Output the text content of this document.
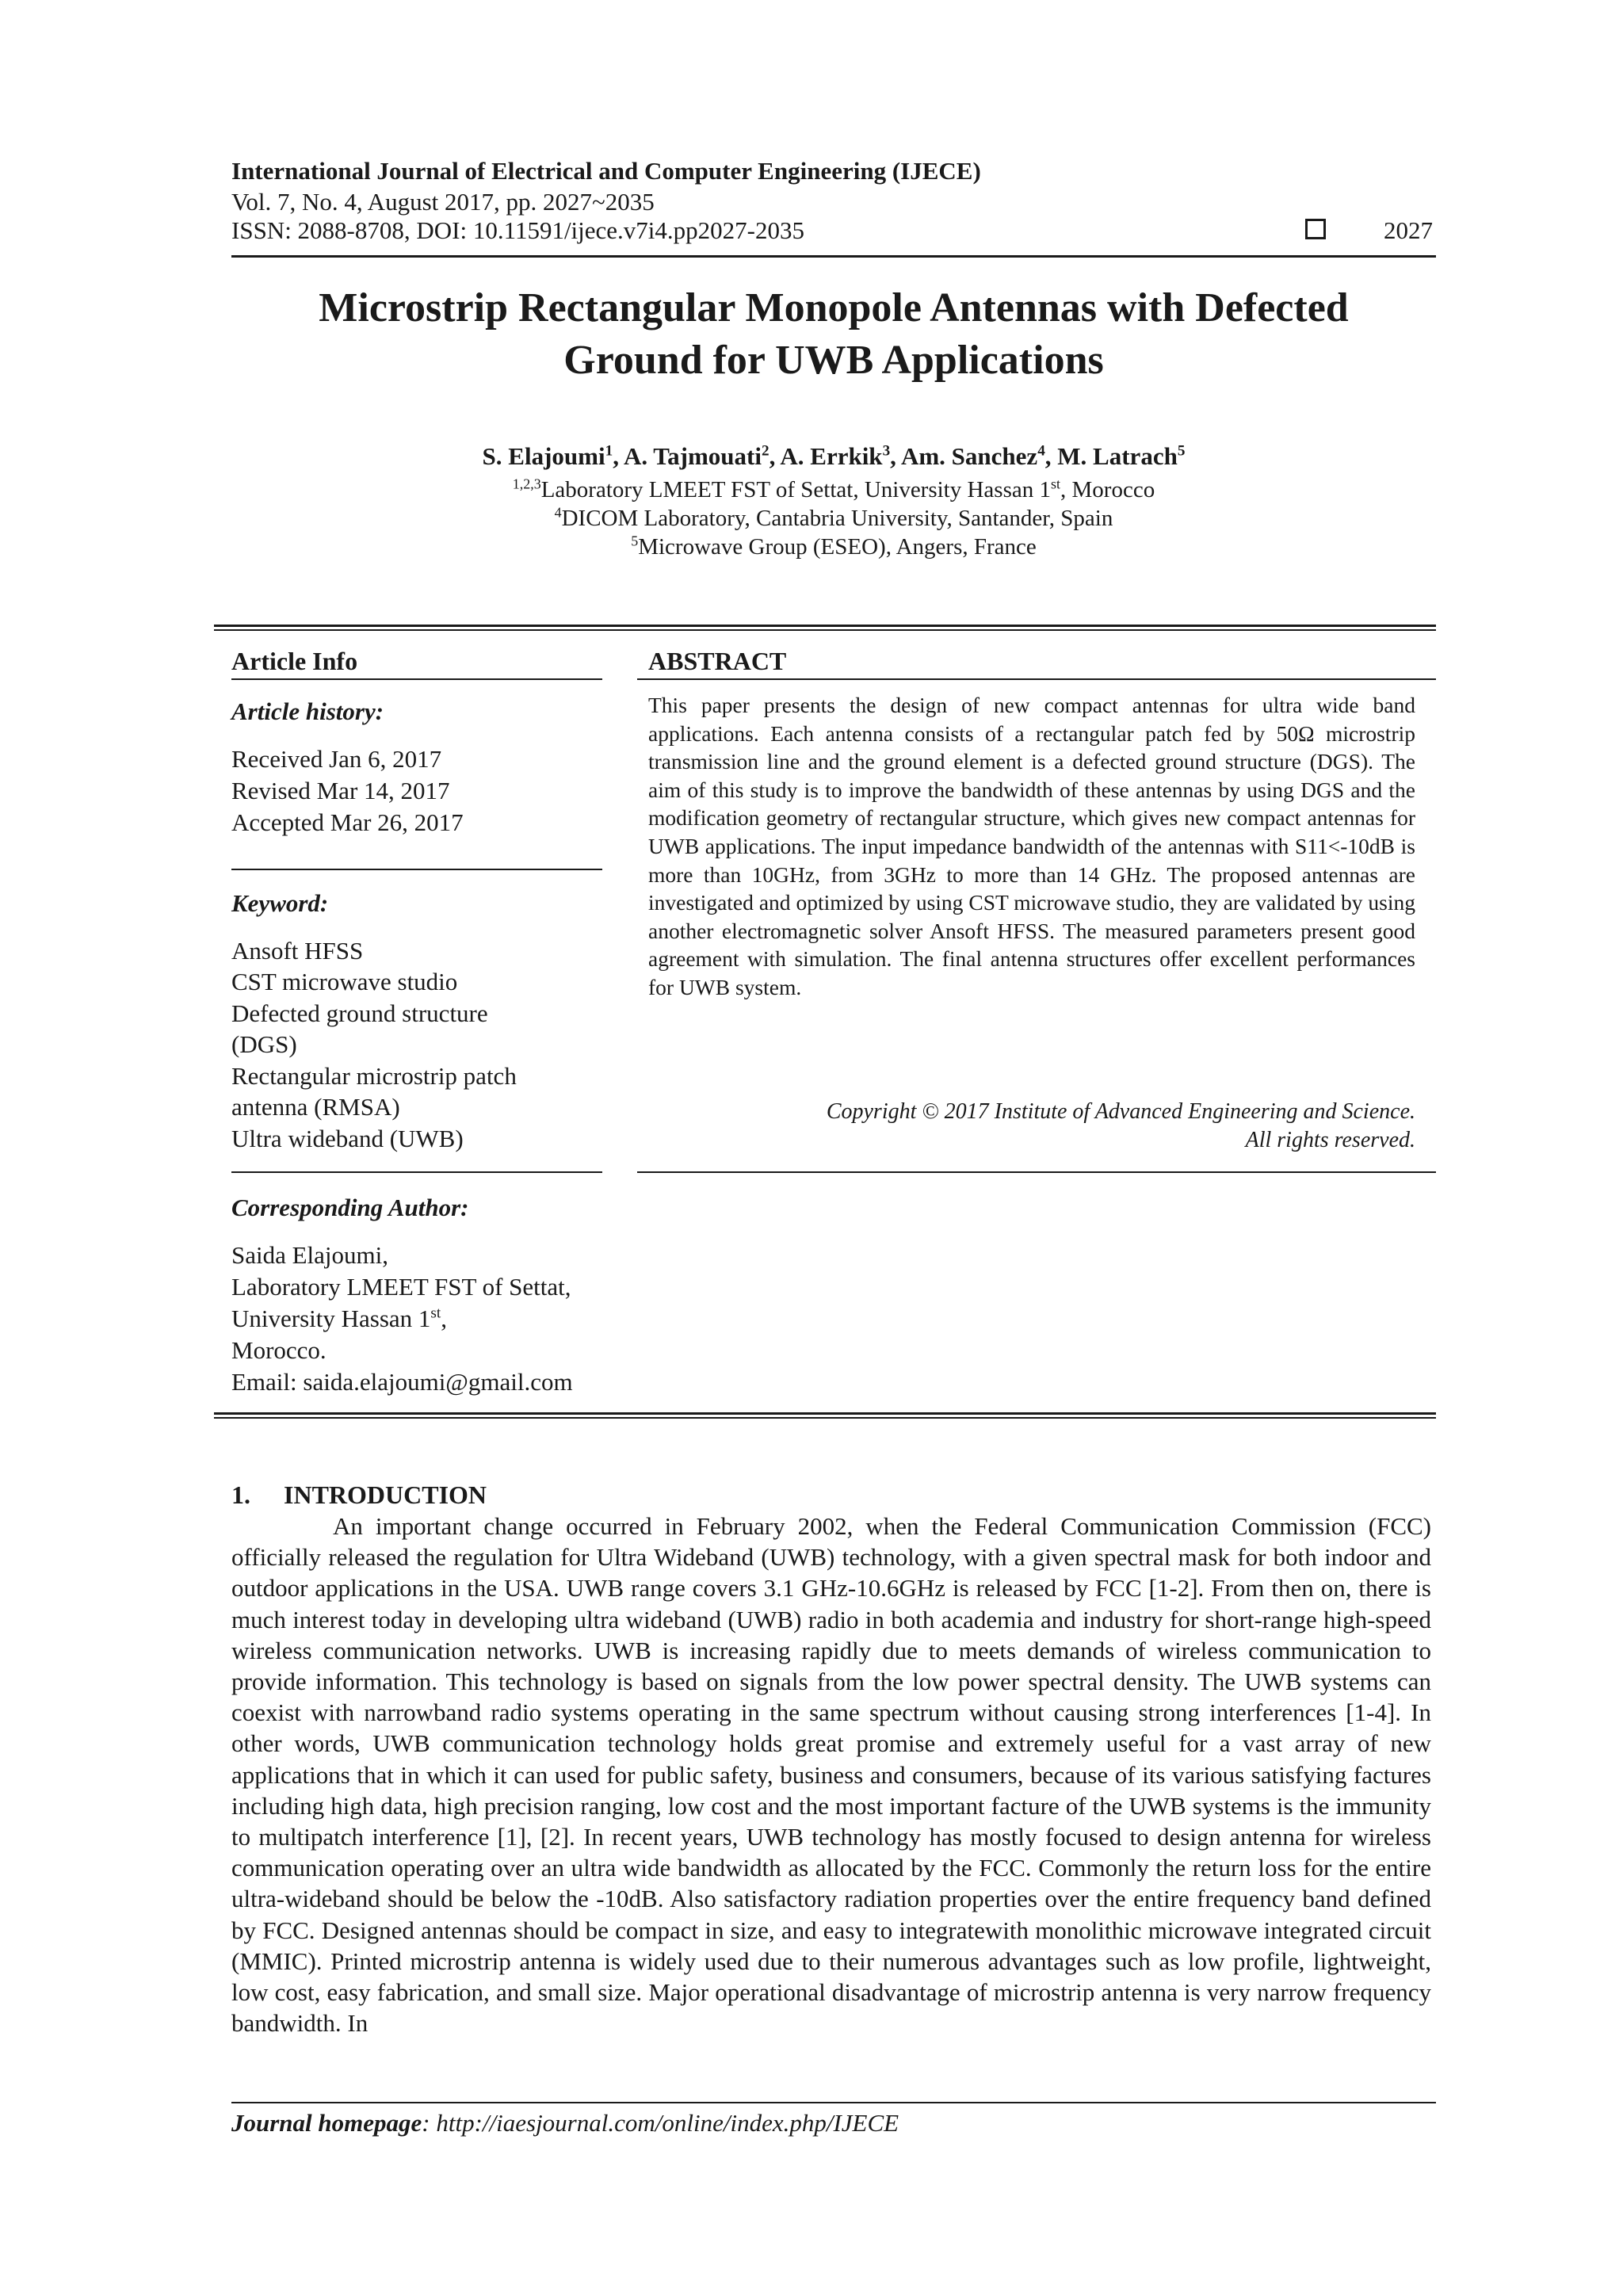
International Journal of Electrical and Computer Engineering (IJECE)
Vol. 7, No. 4, August 2017, pp. 2027~2035
ISSN: 2088-8708, DOI: 10.11591/ijece.v7i4.pp2027-2035	2027
Microstrip Rectangular Monopole Antennas with Defected
Ground for UWB Applications
S. Elajoumi$^1$, A. Tajmouati$^2$, A. Errkik$^3$, Am. Sanchez$^4$, M. Latrach$^5$
$^{1,2,3}$Laboratory LMEET FST of Settat, University Hassan 1st, Morocco
$^4$DICOM Laboratory, Cantabria University, Santander, Spain
$^5$Microwave Group (ESEO), Angers, France
Article Info
Article history:
Received Jan 6, 2017
Revised Mar 14, 2017
Accepted Mar 26, 2017
Keyword:
Ansoft HFSS
CST microwave studio
Defected ground structure
(DGS)
Rectangular microstrip patch
antenna (RMSA)
Ultra wideband (UWB)
Corresponding Author:
Saida Elajoumi,
Laboratory LMEET FST of Settat,
University Hassan 1st,
Morocco.
Email: saida.elajoumi@gmail.com
ABSTRACT
This paper presents the design of new compact antennas for ultra wide band applications. Each antenna consists of a rectangular patch fed by 50Ω microstrip transmission line and the ground element is a defected ground structure (DGS). The aim of this study is to improve the bandwidth of these antennas by using DGS and the modification geometry of rectangular structure, which gives new compact antennas for UWB applications. The input impedance bandwidth of the antennas with S11<-10dB is more than 10GHz, from 3GHz to more than 14 GHz. The proposed antennas are investigated and optimized by using CST microwave studio, they are validated by using another electromagnetic solver Ansoft HFSS. The measured parameters present good agreement with simulation. The final antenna structures offer excellent performances for UWB system.
Copyright © 2017 Institute of Advanced Engineering and Science.
All rights reserved.
1. INTRODUCTION
An important change occurred in February 2002, when the Federal Communication Commission (FCC) officially released the regulation for Ultra Wideband (UWB) technology, with a given spectral mask for both indoor and outdoor applications in the USA. UWB range covers 3.1 GHz-10.6GHz is released by FCC [1-2]. From then on, there is much interest today in developing ultra wideband (UWB) radio in both academia and industry for short-range high-speed wireless communication networks. UWB is increasing rapidly due to meets demands of wireless communication to provide information. This technology is based on signals from the low power spectral density. The UWB systems can coexist with narrowband radio systems operating in the same spectrum without causing strong interferences [1-4]. In other words, UWB communication technology holds great promise and extremely useful for a vast array of new applications that in which it can used for public safety, business and consumers, because of its various satisfying factures including high data, high precision ranging, low cost and the most important facture of the UWB systems is the immunity to multipatch interference [1], [2]. In recent years, UWB technology has mostly focused to design antenna for wireless communication operating over an ultra wide bandwidth as allocated by the FCC. Commonly the return loss for the entire ultra-wideband should be below the -10dB. Also satisfactory radiation properties over the entire frequency band defined by FCC. Designed antennas should be compact in size, and easy to integratewith monolithic microwave integrated circuit (MMIC). Printed microstrip antenna is widely used due to their numerous advantages such as low profile, lightweight, low cost, easy fabrication, and small size. Major operational disadvantage of microstrip antenna is very narrow frequency bandwidth. In
Journal homepage: http://iaesjournal.com/online/index.php/IJECE
